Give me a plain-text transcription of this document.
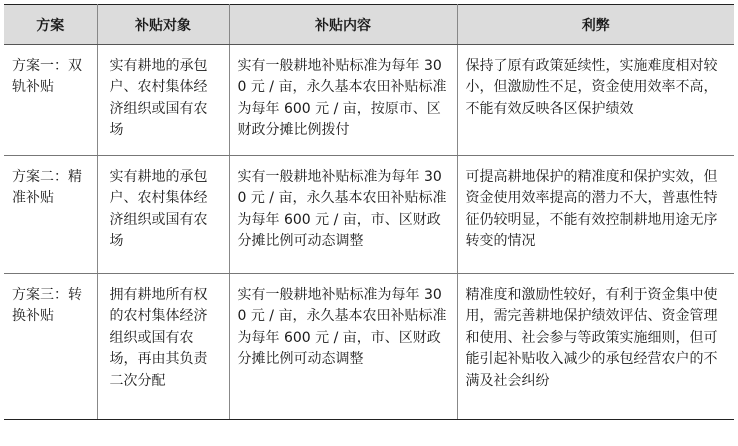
方案	补贴对象	补贴内容	利弊
方案一：双轨补贴	实有耕地的承包户、农村集体经济组织或国有农场	实有一般耕地补贴标准为每年 300 元 / 亩，永久基本农田补贴标准为每年 600 元 / 亩，按原市、区财政分摊比例拨付	保持了原有政策延续性，实施难度相对较小，但激励性不足，资金使用效率不高，不能有效反映各区保护绩效
方案二：精准补贴	实有耕地的承包户、农村集体经济组织或国有农场	实有一般耕地补贴标准为每年 300 元 / 亩，永久基本农田补贴标准为每年 600 元 / 亩，市、区财政分摊比例可动态调整	可提高耕地保护的精准度和保护实效，但资金使用效率提高的潜力不大，普惠性特征仍较明显，不能有效控制耕地用途无序转变的情况
方案三：转换补贴	拥有耕地所有权的农村集体经济组织或国有农场，再由其负责二次分配	实有一般耕地补贴标准为每年 300 元 / 亩，永久基本农田补贴标准为每年 600 元 / 亩，市、区财政分摊比例可动态调整	精准度和激励性较好，有利于资金集中使用，需完善耕地保护绩效评估、资金管理和使用、社会参与等政策实施细则，但可能引起补贴收入减少的承包经营农户的不满及社会纠纷
